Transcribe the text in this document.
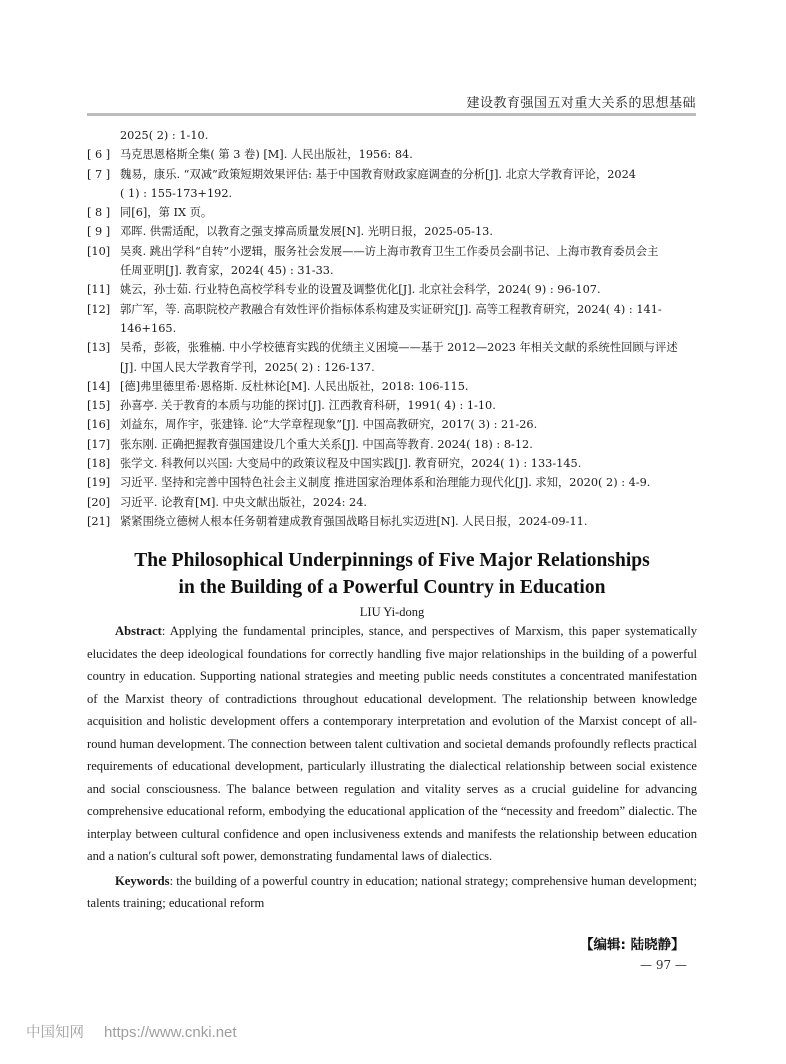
建设教育强国五对重大关系的思想基础
2025( 2) : 1-10.
[ 6 ] 马克思恩格斯全集( 第 3 卷) [M]. 人民出版社，1956: 84.
[ 7 ] 魏易，康乐. “双减”政策短期效果评估: 基于中国教育财政家庭调查的分析[J]. 北京大学教育评论，2024
( 1) : 155-173+192.
[ 8 ] 同[6]，第 IX 页。
[ 9 ] 邓晖. 供需适配，以教育之强支撑高质量发展[N]. 光明日报，2025-05-13.
[10] 吴爽. 跳出学科“自转”小逻辑，服务社会发展——访上海市教育卫生工作委员会副书记、上海市教育委员会主
任周亚明[J]. 教育家，2024( 45) : 31-33.
[11] 姚云，孙士茹. 行业特色高校学科专业的设置及调整优化[J]. 北京社会科学，2024( 9) : 96-107.
[12] 郭广军，等. 高职院校产教融合有效性评价指标体系构建及实证研究[J]. 高等工程教育研究，2024( 4) : 141-
146+165.
[13] 吴希，彭筱，张雅楠. 中小学校德育实践的优绩主义困境——基于 2012—2023 年相关文献的系统性回顾与评述
[J]. 中国人民大学教育学刊，2025( 2) : 126-137.
[14] [德]弗里德里希·恩格斯. 反杜林论[M]. 人民出版社，2018: 106-115.
[15] 孙喜亭. 关于教育的本质与功能的探讨[J]. 江西教育科研，1991( 4) : 1-10.
[16] 刘益东，周作宇，张建锋. 论“大学章程现象”[J]. 中国高教研究，2017( 3) : 21-26.
[17] 张东刚. 正确把握教育强国建设几个重大关系[J]. 中国高等教育. 2024( 18) : 8-12.
[18] 张学文. 科教何以兴国: 大变局中的政策议程及中国实践[J]. 教育研究，2024( 1) : 133-145.
[19] 习近平. 坚持和完善中国特色社会主义制度 推进国家治理体系和治理能力现代化[J]. 求知，2020( 2) : 4-9.
[20] 习近平. 论教育[M]. 中央文献出版社，2024: 24.
[21] 紧紧围绕立德树人根本任务朝着建成教育强国战略目标扎实迈进[N]. 人民日报，2024-09-11.
The Philosophical Underpinnings of Five Major Relationships
in the Building of a Powerful Country in Education
LIU Yi-dong

Abstract: Applying the fundamental principles, stance, and perspectives of Marxism, this paper systematically elucidates the deep ideological foundations for correctly handling five major relationships in the building of a powerful country in education. Supporting national strategies and meeting public needs constitutes a concentrated manifestation of the Marxist theory of contradictions throughout educational development. The relationship between knowledge acquisition and holistic development offers a contemporary interpretation and evolution of the Marxist concept of all-round human development. The connection between talent cultivation and societal demands profoundly reflects practical requirements of educational development, particularly illustrating the dialectical relationship between social existence and social consciousness. The balance between regulation and vitality serves as a crucial guideline for advancing comprehensive educational reform, embodying the educational application of the “necessity and freedom” dialectic. The interplay between cultural confidence and open inclusiveness extends and manifests the relationship between education and a nation′s cultural soft power, demonstrating fundamental laws of dialectics.

Keywords: the building of a powerful country in education; national strategy; comprehensive human development; talents training; educational reform

【编辑: 陆晓静】
— 97 —
中国知网 https://www.cnki.net
